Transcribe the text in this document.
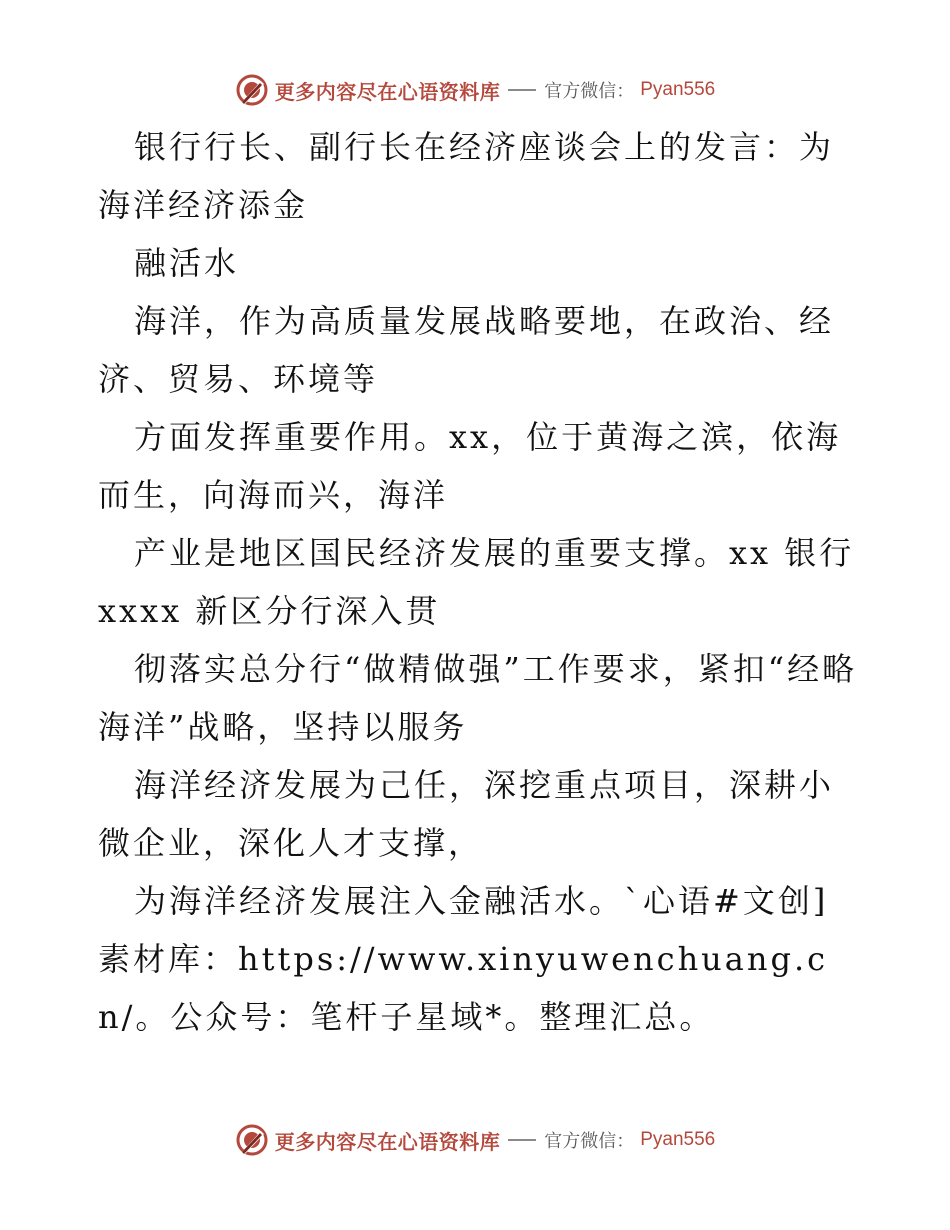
更多内容尽在心语资料库 官方微信： Pyan556

银行行长、副行长在经济座谈会上的发言：为海洋经济添金

融活水

海洋，作为高质量发展战略要地，在政治、经济、贸易、环境等

方面发挥重要作用。xx，位于黄海之滨，依海而生，向海而兴，海洋

产业是地区国民经济发展的重要支撑。xx 银行 xxxx 新区分行深入贯

彻落实总分行“做精做强”工作要求，紧扣“经略海洋”战略，坚持以服务

海洋经济发展为己任，深挖重点项目，深耕小微企业，深化人才支撑，

为海洋经济发展注入金融活水。`心语#文创]素材库：https://www.xinyuwenchuang.cn/。公众号：笔杆子星域*。整理汇总。

更多内容尽在心语资料库 官方微信： Pyan556
